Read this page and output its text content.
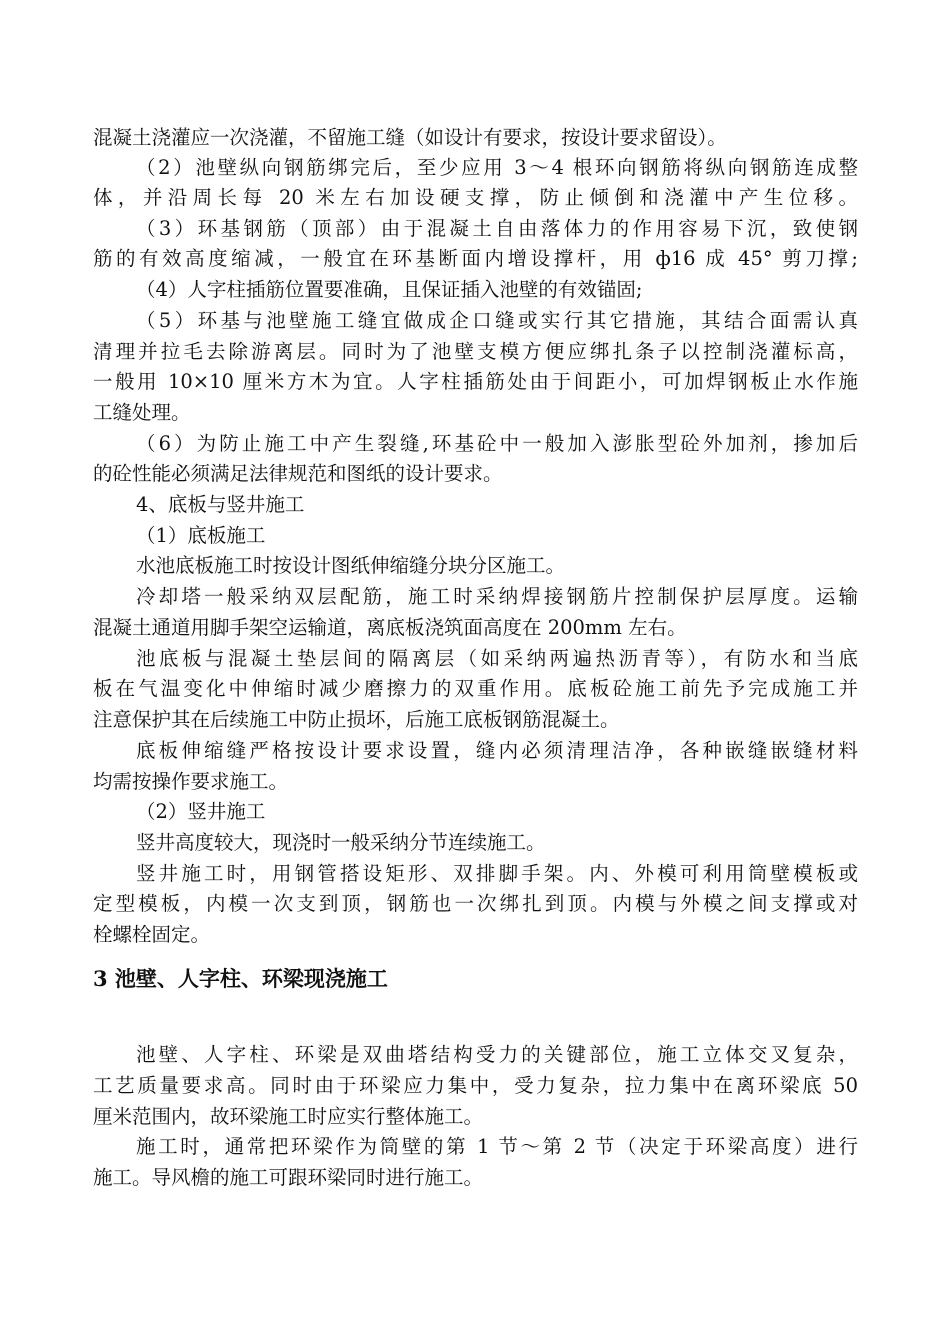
混凝土浇灌应一次浇灌，不留施工缝（如设计有要求，按设计要求留设）。
（2）池壁纵向钢筋绑完后，至少应用 3～4 根环向钢筋将纵向钢筋连成整
体，并沿周长每 20 米左右加设硬支撑，防止倾倒和浇灌中产生位移。
（3）环基钢筋（顶部）由于混凝土自由落体力的作用容易下沉，致使钢
筋的有效高度缩减，一般宜在环基断面内增设撑杆，用 ф16 成 45° 剪刀撑;
（4）人字柱插筋位置要准确，且保证插入池壁的有效锚固;
（5）环基与池壁施工缝宜做成企口缝或实行其它措施，其结合面需认真
清理并拉毛去除游离层。同时为了池壁支模方便应绑扎条子以控制浇灌标高，
一般用 10×10 厘米方木为宜。人字柱插筋处由于间距小，可加焊钢板止水作施
工缝处理。
（6）为防止施工中产生裂缝,环基砼中一般加入澎胀型砼外加剂，掺加后
的砼性能必须满足法律规范和图纸的设计要求。
4、底板与竖井施工
（1）底板施工
水池底板施工时按设计图纸伸缩缝分块分区施工。
冷却塔一般采纳双层配筋，施工时采纳焊接钢筋片控制保护层厚度。运输
混凝土通道用脚手架空运输道，离底板浇筑面高度在 200mm 左右。
池底板与混凝土垫层间的隔离层（如采纳两遍热沥青等），有防水和当底
板在气温变化中伸缩时减少磨擦力的双重作用。底板砼施工前先予完成施工并
注意保护其在后续施工中防止损坏，后施工底板钢筋混凝土。
底板伸缩缝严格按设计要求设置，缝内必须清理洁净，各种嵌缝嵌缝材料
均需按操作要求施工。
（2）竖井施工
竖井高度较大，现浇时一般采纳分节连续施工。
竖井施工时，用钢管搭设矩形、双排脚手架。内、外模可利用筒壁模板或
定型模板，内模一次支到顶，钢筋也一次绑扎到顶。内模与外模之间支撑或对
栓螺栓固定。
3 池壁、人字柱、环梁现浇施工
池壁、人字柱、环梁是双曲塔结构受力的关键部位，施工立体交叉复杂，
工艺质量要求高。同时由于环梁应力集中，受力复杂，拉力集中在离环梁底 50
厘米范围内，故环梁施工时应实行整体施工。
施工时，通常把环梁作为筒壁的第 1 节～第 2 节（决定于环梁高度）进行
施工。导风檐的施工可跟环梁同时进行施工。
